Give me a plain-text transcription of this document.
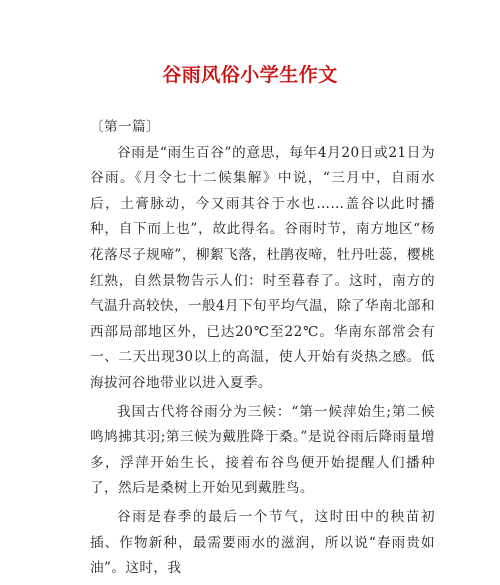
谷雨风俗小学生作文

〔第一篇〕

谷雨是“雨生百谷”的意思，每年4月20日或21日为谷雨。《月令七十二候集解》中说，“三月中，自雨水后，土膏脉动，今又雨其谷于水也……盖谷以此时播种，自下而上也”，故此得名。谷雨时节，南方地区“杨花落尽子规啼”，柳絮飞落，杜鹃夜啼，牡丹吐蕊，樱桃红熟，自然景物告示人们：时至暮春了。这时，南方的气温升高较快，一般4月下旬平均气温，除了华南北部和西部局部地区外，已达20℃至22℃。华南东部常会有一、二天出现30以上的高温，使人开始有炎热之感。低海拔河谷地带业以进入夏季。

我国古代将谷雨分为三候：“第一候萍始生;第二候鸣鸠拂其羽;第三候为戴胜降于桑。”是说谷雨后降雨量增多，浮萍开始生长，接着布谷鸟便开始提醒人们播种了，然后是桑树上开始见到戴胜鸟。

谷雨是春季的最后一个节气，这时田中的秧苗初插、作物新种，最需要雨水的滋润，所以说“春雨贵如油”。这时，我
